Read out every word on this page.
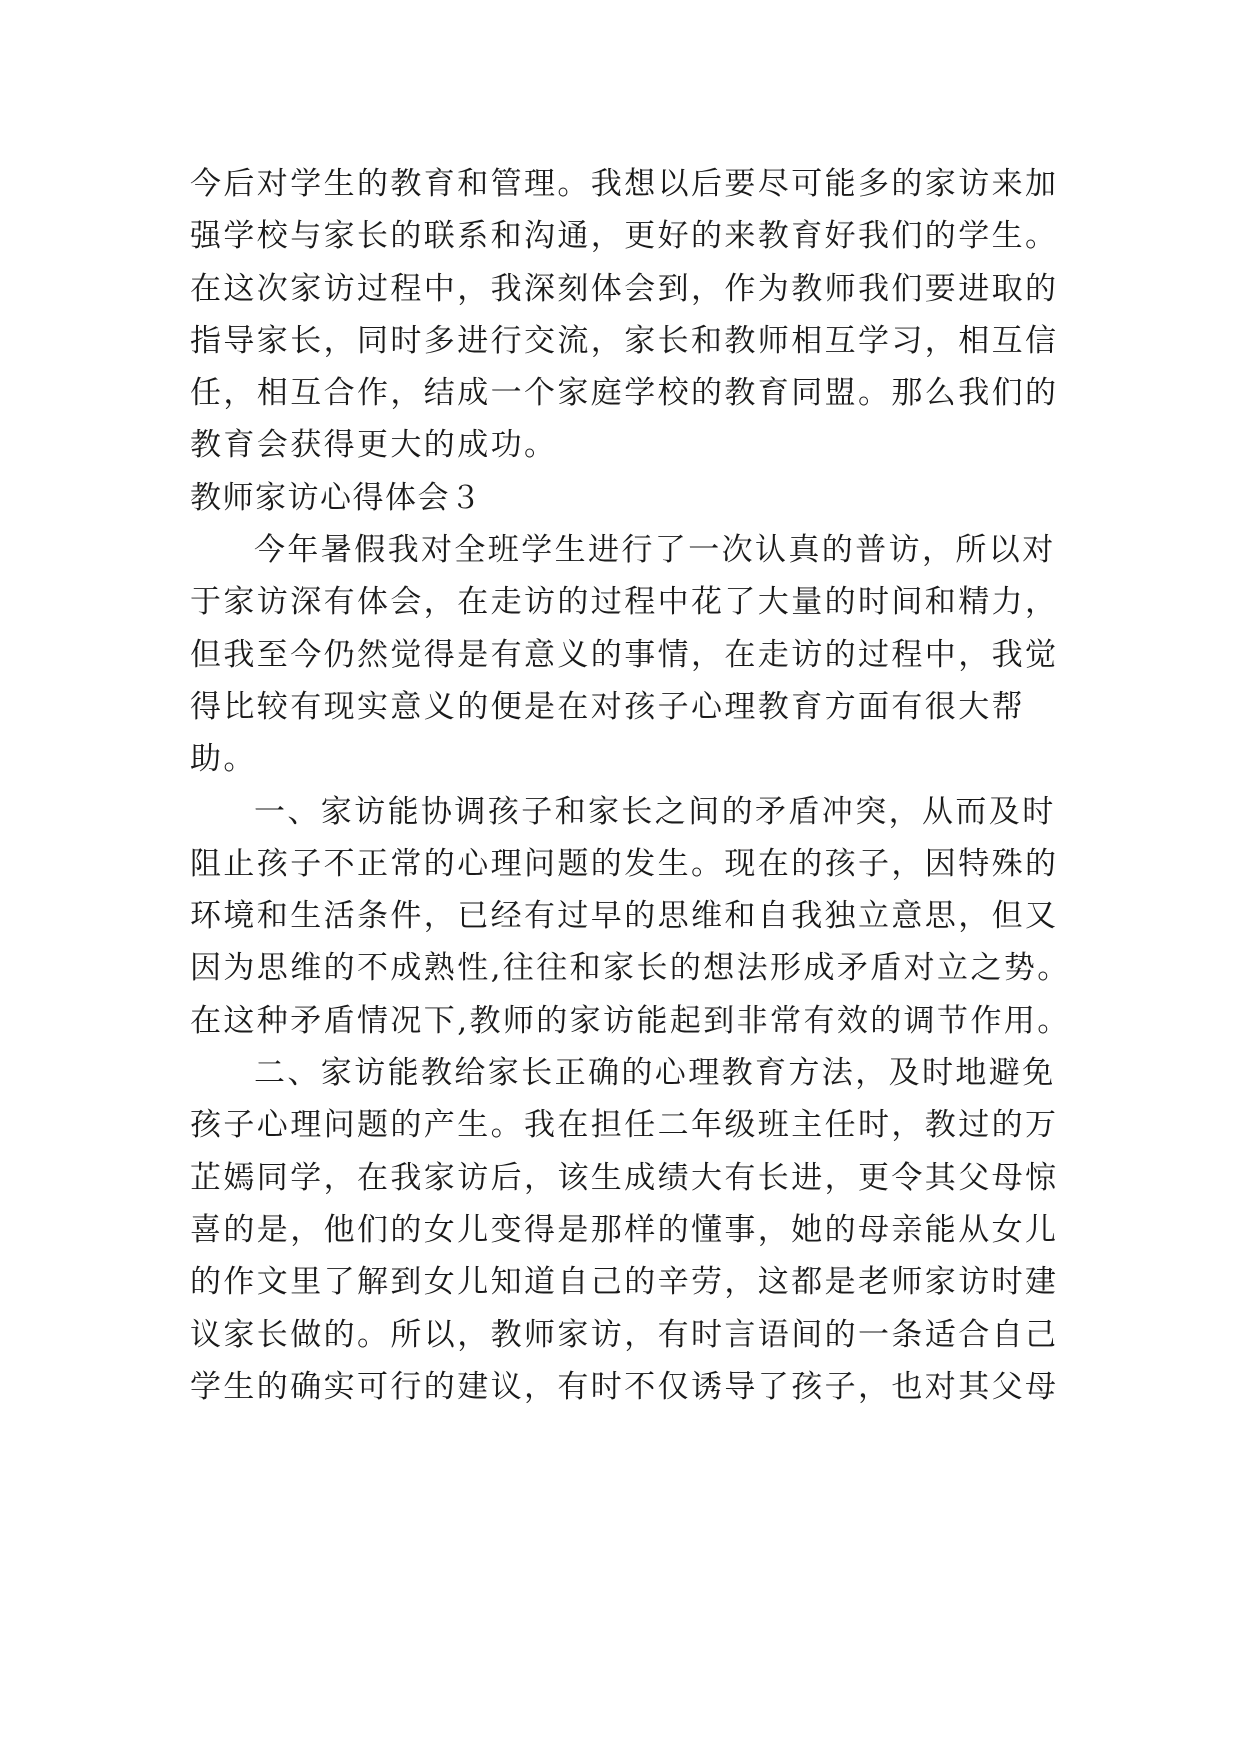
今后对学生的教育和管理。我想以后要尽可能多的家访来加
强学校与家长的联系和沟通，更好的来教育好我们的学生。
在这次家访过程中，我深刻体会到，作为教师我们要进取的
指导家长，同时多进行交流，家长和教师相互学习，相互信
任，相互合作，结成一个家庭学校的教育同盟。那么我们的
教育会获得更大的成功。
教师家访心得体会３
今年暑假我对全班学生进行了一次认真的普访，所以对
于家访深有体会，在走访的过程中花了大量的时间和精力，
但我至今仍然觉得是有意义的事情，在走访的过程中，我觉
得比较有现实意义的便是在对孩子心理教育方面有很大帮
助。
一、家访能协调孩子和家长之间的矛盾冲突，从而及时
阻止孩子不正常的心理问题的发生。现在的孩子，因特殊的
环境和生活条件，已经有过早的思维和自我独立意思，但又
因为思维的不成熟性,往往和家长的想法形成矛盾对立之势。
在这种矛盾情况下,教师的家访能起到非常有效的调节作用。
二、家访能教给家长正确的心理教育方法，及时地避免
孩子心理问题的产生。我在担任二年级班主任时，教过的万
芷嫣同学，在我家访后，该生成绩大有长进，更令其父母惊
喜的是，他们的女儿变得是那样的懂事，她的母亲能从女儿
的作文里了解到女儿知道自己的辛劳，这都是老师家访时建
议家长做的。所以，教师家访，有时言语间的一条适合自己
学生的确实可行的建议，有时不仅诱导了孩子，也对其父母
